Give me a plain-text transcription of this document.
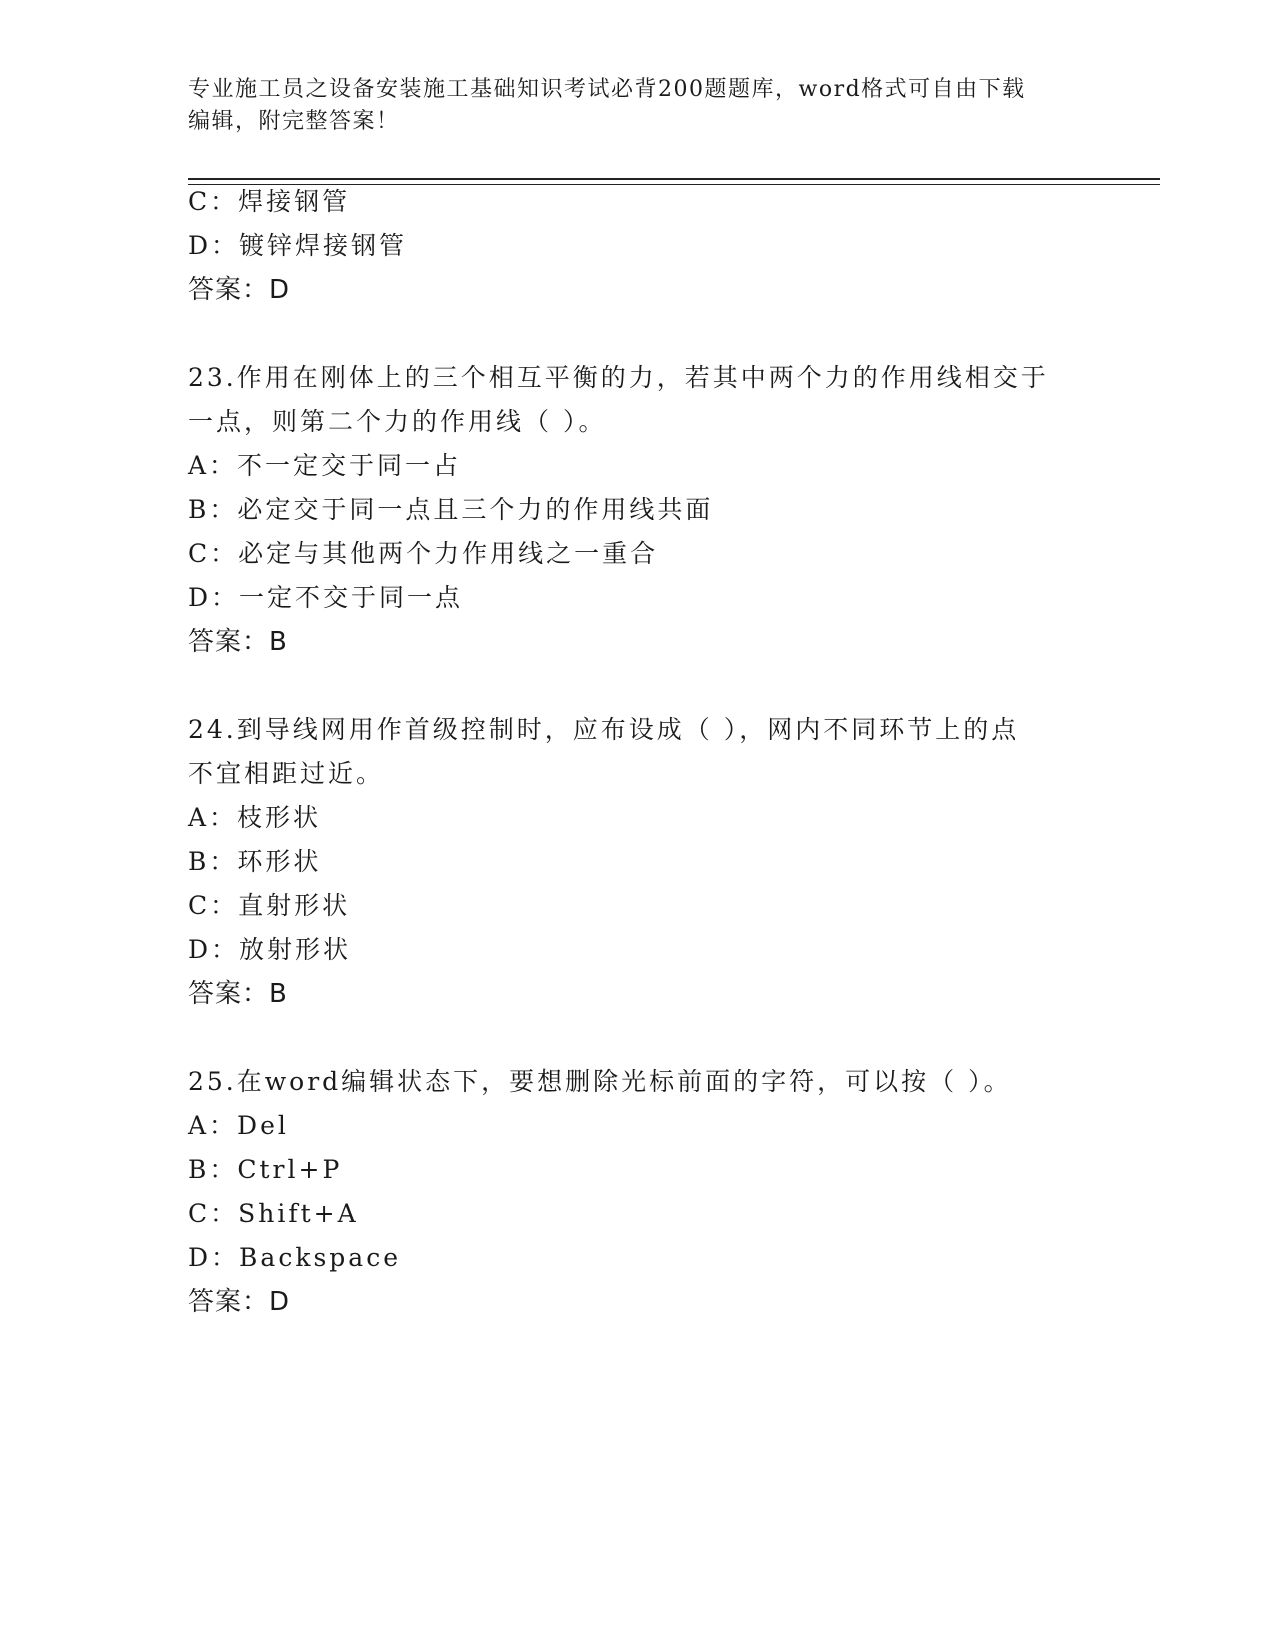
专业施工员之设备安装施工基础知识考试必背200题题库，word格式可自由下载
编辑，附完整答案！
C：焊接钢管
D：镀锌焊接钢管
答案：D
23.作用在刚体上的三个相互平衡的力，若其中两个力的作用线相交于
一点，则第二个力的作用线（ ）。
A：不一定交于同一占
B：必定交于同一点且三个力的作用线共面
C：必定与其他两个力作用线之一重合
D：一定不交于同一点
答案：B
24.到导线网用作首级控制时，应布设成（ ），网内不同环节上的点
不宜相距过近。
A：枝形状
B：环形状
C：直射形状
D：放射形状
答案：B
25.在word编辑状态下，要想删除光标前面的字符，可以按（ ）。
A：Del
B：Ctrl+P
C：Shift+A
D：Backspace
答案：D
